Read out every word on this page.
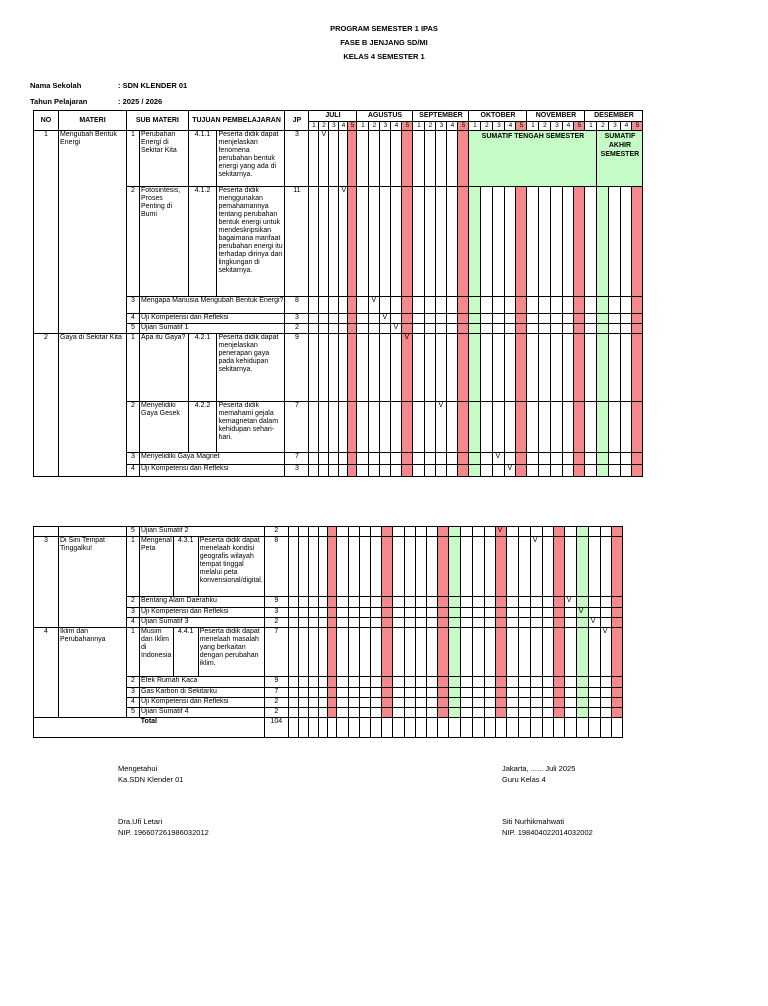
PROGRAM SEMESTER 1 IPAS
FASE B JENJANG SD/MI
KELAS 4 SEMESTER 1
Nama Sekolah	: SDN KLENDER 01
Tahun Pelajaran	: 2025 / 2026
NO	MATERI	SUB MATERI		TUJUAN PEMBELAJARAN		JP	JULI					AGUSTUS					SEPTEMBER					OKTOBER					NOVEMBER					DESEMBER				
							1	2	3	4	5	1	2	3	4	5	1	2	3	4	5	1	2	3	4	5	1	2	3	4	5	1	2	3	4	5
1	Mengubah Bentuk Energi	1	Perubahan Energi di Sekitar Kita	4.1.1	Peserta didik dapat menjelaskan fenomena perubahan bentuk energi yang ada di sekitarnya.	3		V														SUMATIF TENGAH SEMESTER											SUMATIF AKHIR SEMESTER			
		2	Fotosintesis, Proses Penting di Bumi	4.1.2	Peserta didik menggunakan pemahamannya tentang perubahan bentuk energi untuk mendeskripsikan bagaimana manfaat perubahan energi itu terhadap dirinya dan lingkungan di sekitarnya.	11				V																										
		3	Mengapa Manusia Mengubah Bentuk Energi?			8							V																							
		4	Uji Kompetensi dan Refleksi			3								V																						
		5	Ujian Sumatif 1			2									V																					
2	Gaya di Sekitar Kita	1	Apa itu Gaya?	4.2.1	Peserta didik dapat menjelaskan penerapan gaya pada kehidupan sekitarnya.	9										V																				
		2	Menyelidiki Gaya Gesek	4.2.2	Peserta didik memahami gejala kemagnetan dalam kehidupan sehari-hari.	7													V																	
		3	Menyelidiki Gaya Magnet			7																		V												
		4	Uji Kompetensi dan Refleksi			3																			V											
		5	Ujian Sumatif 2			2																				V										
3	Di Sini Tempat Tinggalku!	1	Mengenal Peta	4.3.1	Peserta didik dapat menelaah kondisi geografis wilayah tempat tinggal melalui peta konvensional/digital.	8																							V							
		2	Bentang Alam Daerahku			9																										V				
		3	Uji Kompetensi dan Refleksi			3																											V			
		4	Ujian Sumatif 3			2																												V		
4	Iklim dan Perubahannya	1	Musim dan Iklim di Indonesia	4.4.1	Peserta didik dapat menelaah masalah yang berkaitan dengan perubahan iklim.	7																													V	
		2	Efek Rumah Kaca			9																														
		3	Gas Karbon di Sekitarku			7																														
		4	Uji Kompetensi dan Refleksi			2																														
		5	Ujian Sumatif 4			2																														
Total						104																														
Mengetahui
Ka.SDN Klender 01
Dra.Ufi Letari
NIP. 196607261986032012
Jakarta, ...... Juli 2025
Guru Kelas 4
Siti Nurhikmahwati
NIP. 198404022014032002
